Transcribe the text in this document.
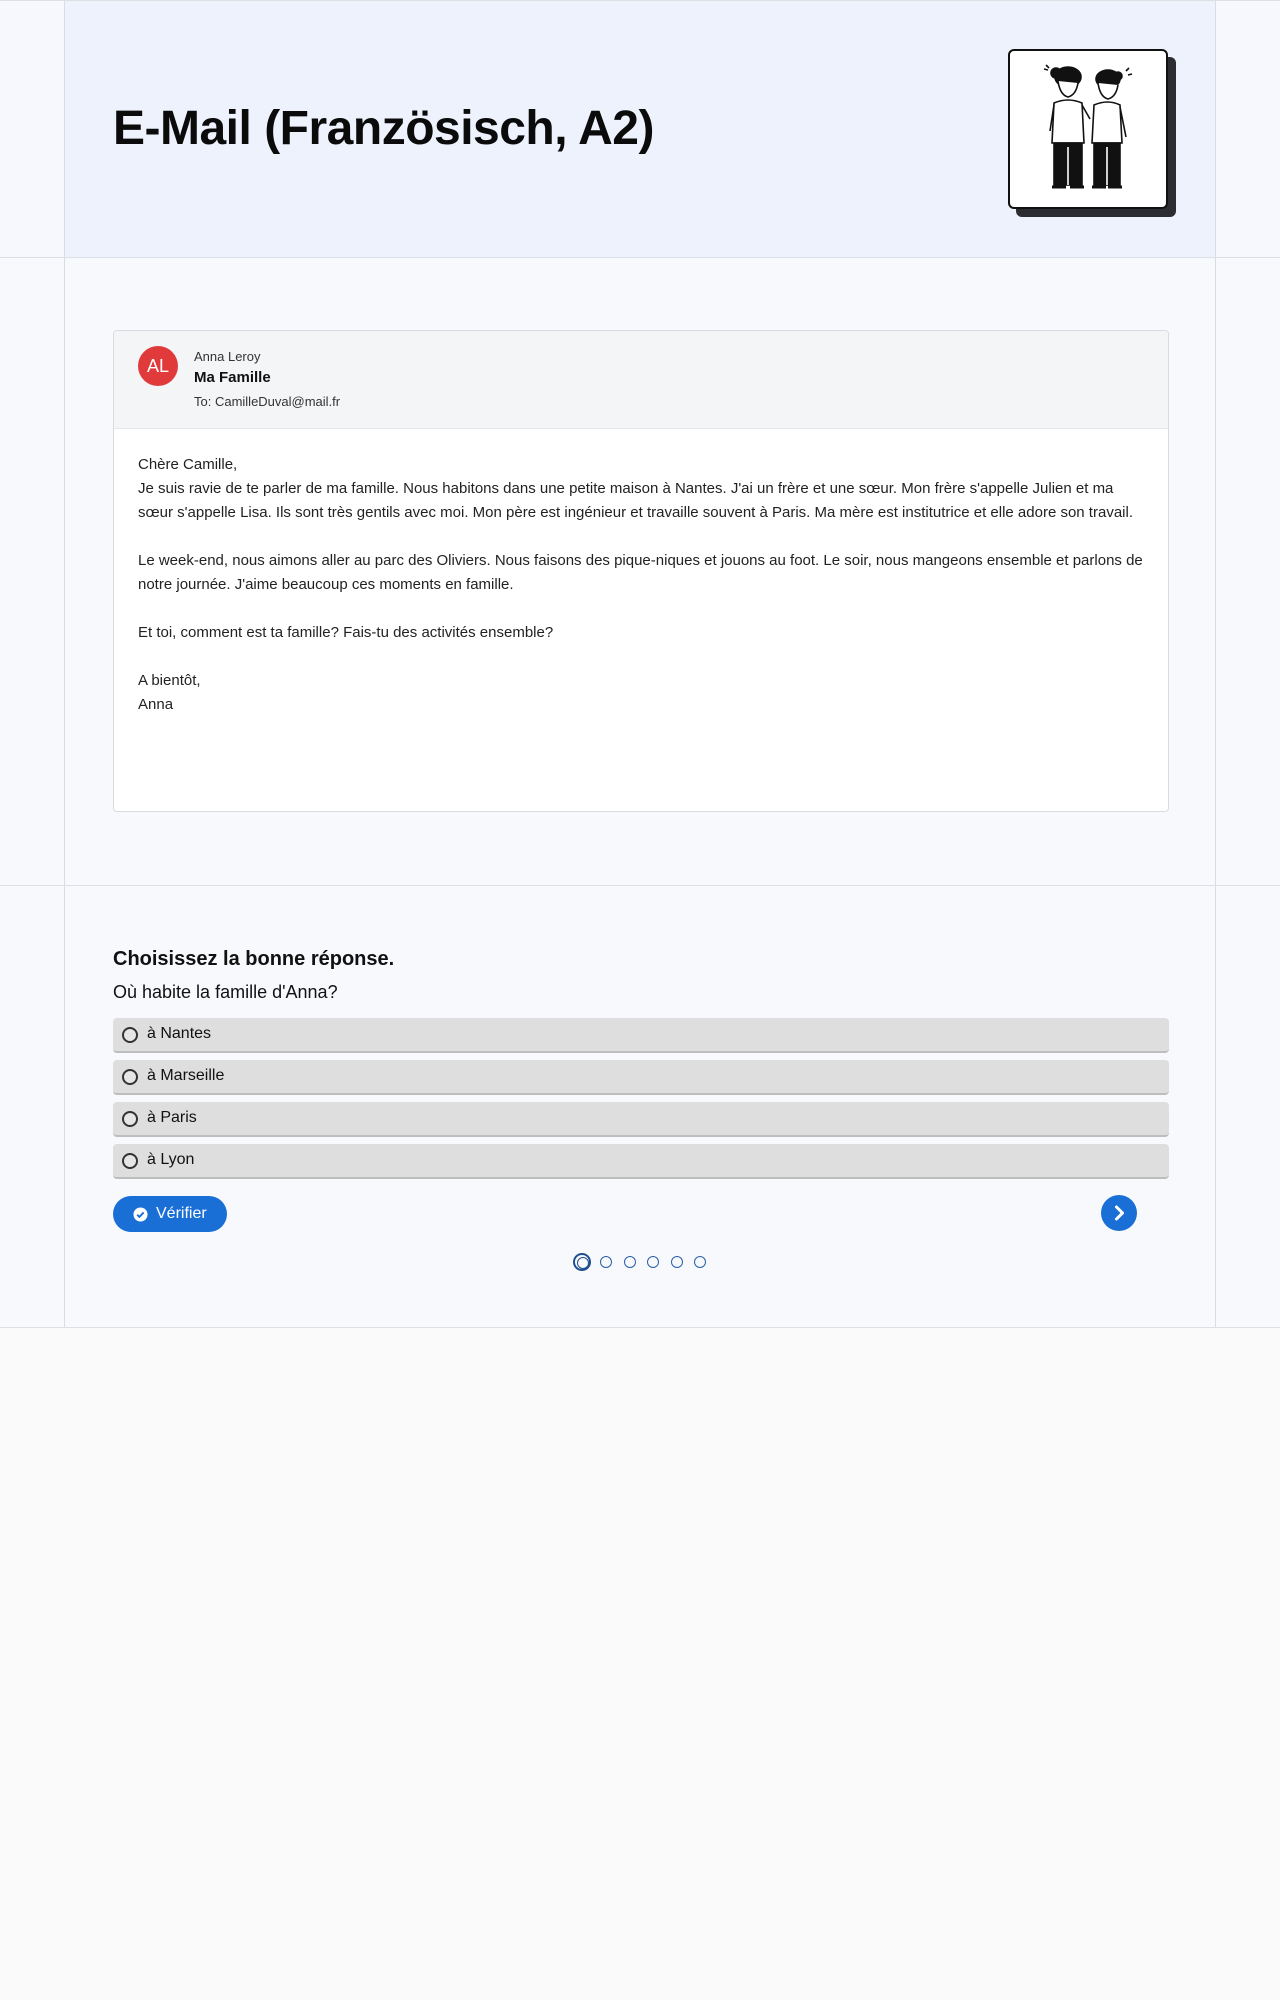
E-Mail (Französisch, A2)
AL	Anna Leroy
Ma Famille
To: CamilleDuval@mail.fr

Chère Camille,

Je suis ravie de te parler de ma famille. Nous habitons dans une petite maison à Nantes. J'ai un frère et une sœur. Mon frère s'appelle Julien et ma sœur s'appelle Lisa. Ils sont très gentils avec moi. Mon père est ingénieur et travaille souvent à Paris. Ma mère est institutrice et elle adore son travail.

Le week-end, nous aimons aller au parc des Oliviers. Nous faisons des pique-niques et jouons au foot. Le soir, nous mangeons ensemble et parlons de notre journée. J'aime beaucoup ces moments en famille.

Et toi, comment est ta famille? Fais-tu des activités ensemble?

A bientôt,

Anna

Choisissez la bonne réponse.
Où habite la famille d'Anna?
à Nantes
à Marseille
à Paris
à Lyon
Vérifier
